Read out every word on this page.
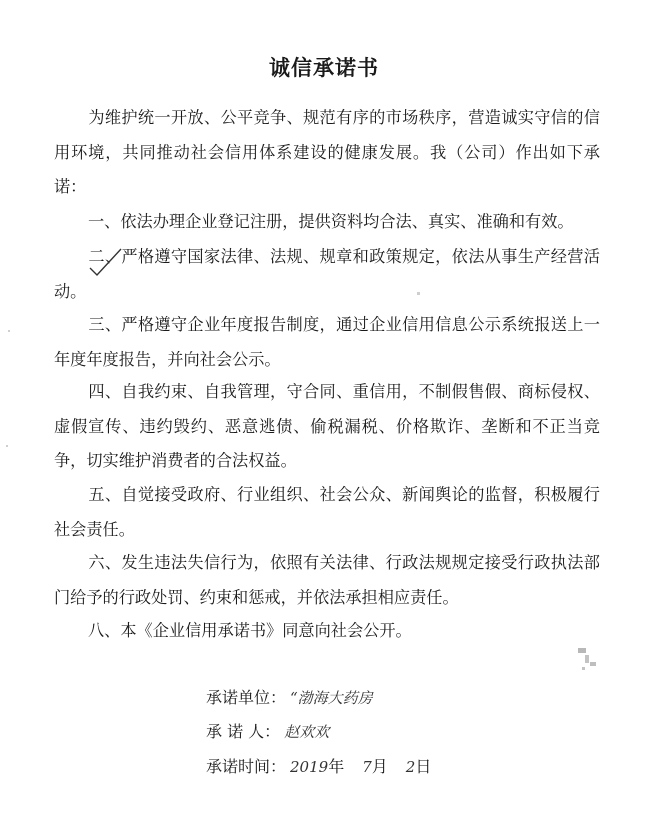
诚信承诺书

为维护统一开放、公平竞争、规范有序的市场秩序，营造诚实守信的信用环境，共同推动社会信用体系建设的健康发展。我（公司）作出如下承诺：

一、依法办理企业登记注册，提供资料均合法、真实、准确和有效。

二、严格遵守国家法律、法规、规章和政策规定，依法从事生产经营活动。

三、严格遵守企业年度报告制度，通过企业信用信息公示系统报送上一年度年度报告，并向社会公示。

四、自我约束、自我管理，守合同、重信用，不制假售假、商标侵权、虚假宣传、违约毁约、恶意逃债、偷税漏税、价格欺诈、垄断和不正当竞争，切实维护消费者的合法权益。

五、自觉接受政府、行业组织、社会公众、新闻舆论的监督，积极履行社会责任。

六、发生违法失信行为，依照有关法律、行政法规规定接受行政执法部门给予的行政处罚、约束和惩戒，并依法承担相应责任。

八、本《企业信用承诺书》同意向社会公开。

承诺单位： “渤海大药房
承 诺 人： 赵欢欢
承诺时间： 2019年 7月 2日
